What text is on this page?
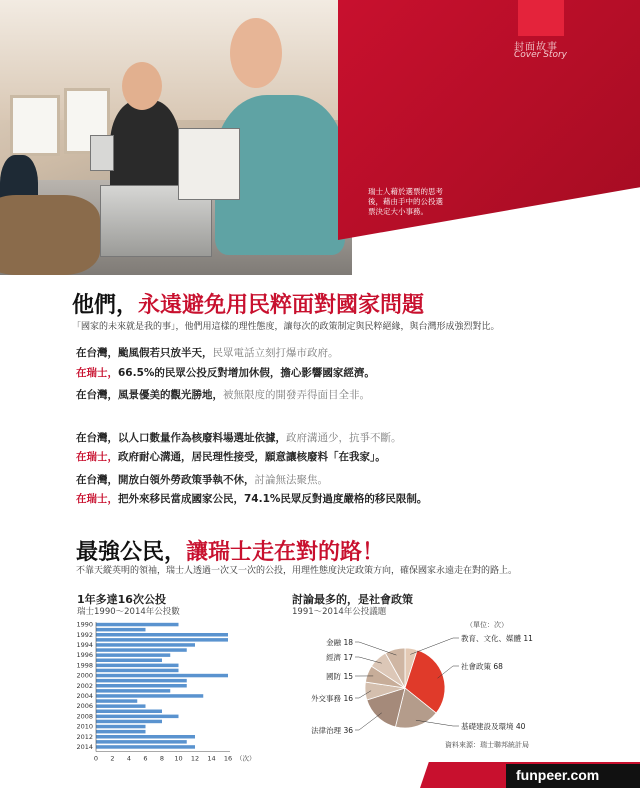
封面故事
Cover Story
瑞士人藉於選票的思考後，藉由手中的公投選票決定大小事務。
他們，永遠避免用民粹面對國家問題
「國家的未來就是我的事」，他們用這樣的理性態度，讓每次的政策制定與民粹絕緣，與台灣形成強烈對比。
在台灣，颱風假若只放半天，民眾電話立刻打爆市政府。
在瑞士，66.5%的民眾公投反對增加休假，擔心影響國家經濟。
在台灣，風景優美的觀光勝地，被無限度的開發弄得面目全非。
在台灣，以人口數量作為核廢料場選址依據，政府溝通少，抗爭不斷。
在瑞士，政府耐心溝通，居民理性接受，願意讓核廢料「在我家」。
在台灣，開放白領外勞政策爭執不休，討論無法聚焦。
在瑞士，把外來移民當成國家公民，74.1%民眾反對過度嚴格的移民限制。
最強公民，讓瑞士走在對的路！
不靠天縱英明的領袖，瑞士人透過一次又一次的公投，用理性態度決定政策方向，確保國家永遠走在對的路上。
1年多達16次公投
瑞士1990～2014年公投數
1990
1992
1994
1996
1998
2000
2002
2004
2006
2008
2010
2012
2014
0 2 4 6 8 10 12 14 16 （次）
討論最多的，是社會政策
1991～2014年公投議題
（單位：次）
教育、文化、媒體 11
社會政策 68
基礎建設及環境 40
法律治理 36
外交事務 16
國防 15
經濟 17
金融 18
資料來源：瑞士聯邦統計局
funpeer.com
